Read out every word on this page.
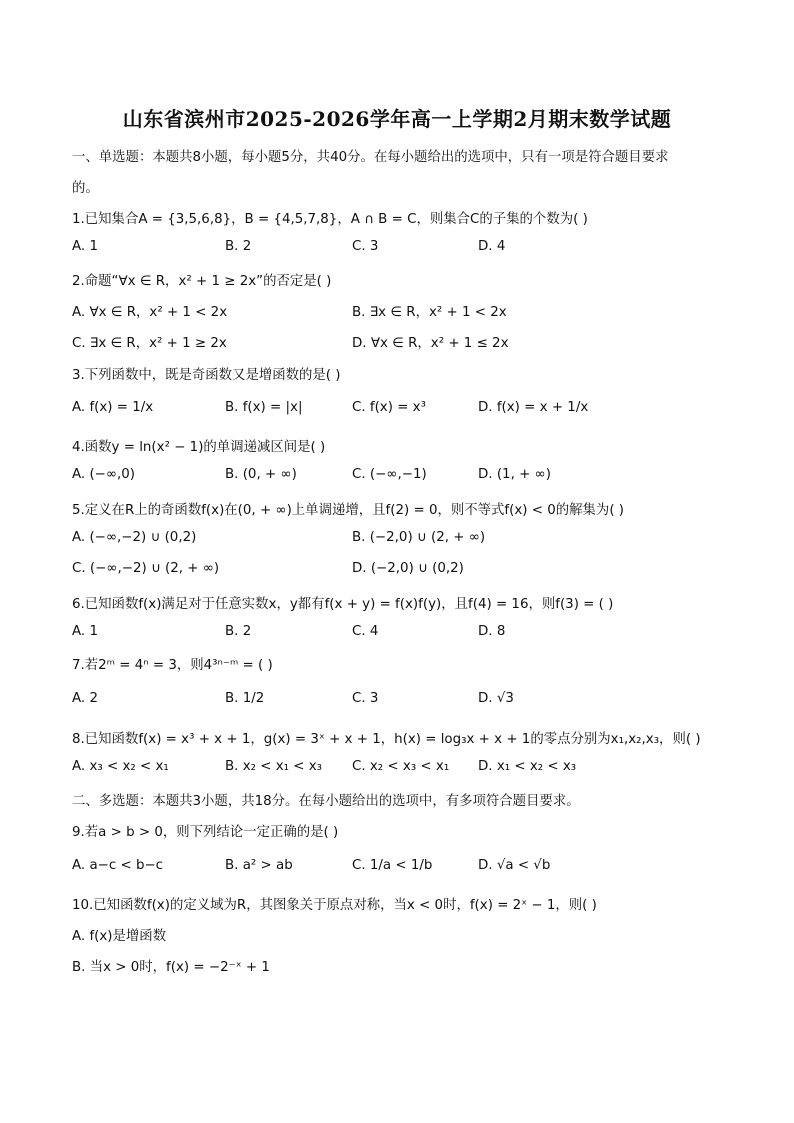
山东省滨州市2025-2026学年高一上学期2月期末数学试题
一、单选题：本题共8小题，每小题5分，共40分。在每小题给出的选项中，只有一项是符合题目要求
的。
1.已知集合A = {3,5,6,8}，B = {4,5,7,8}，A ∩ B = C，则集合C的子集的个数为( )
A. 1	B. 2	C. 3	D. 4
2.命题“∀x ∈ R，x² + 1 ≥ 2x”的否定是( )
A. ∀x ∈ R，x² + 1 < 2x	B. ∃x ∈ R，x² + 1 < 2x
C. ∃x ∈ R，x² + 1 ≥ 2x	D. ∀x ∈ R，x² + 1 ≤ 2x
3.下列函数中，既是奇函数又是增函数的是( )
A. f(x) = 1/x	B. f(x) = |x|	C. f(x) = x³	D. f(x) = x + 1/x
4.函数y = ln(x² − 1)的单调递减区间是( )
A. (−∞,0)	B. (0, + ∞)	C. (−∞,−1)	D. (1, + ∞)
5.定义在R上的奇函数f(x)在(0, + ∞)上单调递增，且f(2) = 0，则不等式f(x) < 0的解集为( )
A. (−∞,−2) ∪ (0,2)	B. (−2,0) ∪ (2, + ∞)
C. (−∞,−2) ∪ (2, + ∞)	D. (−2,0) ∪ (0,2)
6.已知函数f(x)满足对于任意实数x，y都有f(x + y) = f(x)f(y)，且f(4) = 16，则f(3) = ( )
A. 1	B. 2	C. 4	D. 8
7.若2ᵐ = 4ⁿ = 3，则4³ⁿ⁻ᵐ = ( )
A. 2	B. 1/2	C. 3	D. √3
8.已知函数f(x) = x³ + x + 1，g(x) = 3ˣ + x + 1，h(x) = log₃x + x + 1的零点分别为x₁,x₂,x₃，则( )
A. x₃ < x₂ < x₁	B. x₂ < x₁ < x₃ C. x₂ < x₃ < x₁ D. x₁ < x₂ < x₃
二、多选题：本题共3小题，共18分。在每小题给出的选项中，有多项符合题目要求。
9.若a > b > 0，则下列结论一定正确的是( )
A. a−c < b−c	B. a² > ab	C. 1/a < 1/b	D. √a < √b
10.已知函数f(x)的定义域为R，其图象关于原点对称，当x < 0时，f(x) = 2ˣ − 1，则( )
A. f(x)是增函数
B. 当x > 0时，f(x) = −2⁻ˣ + 1
